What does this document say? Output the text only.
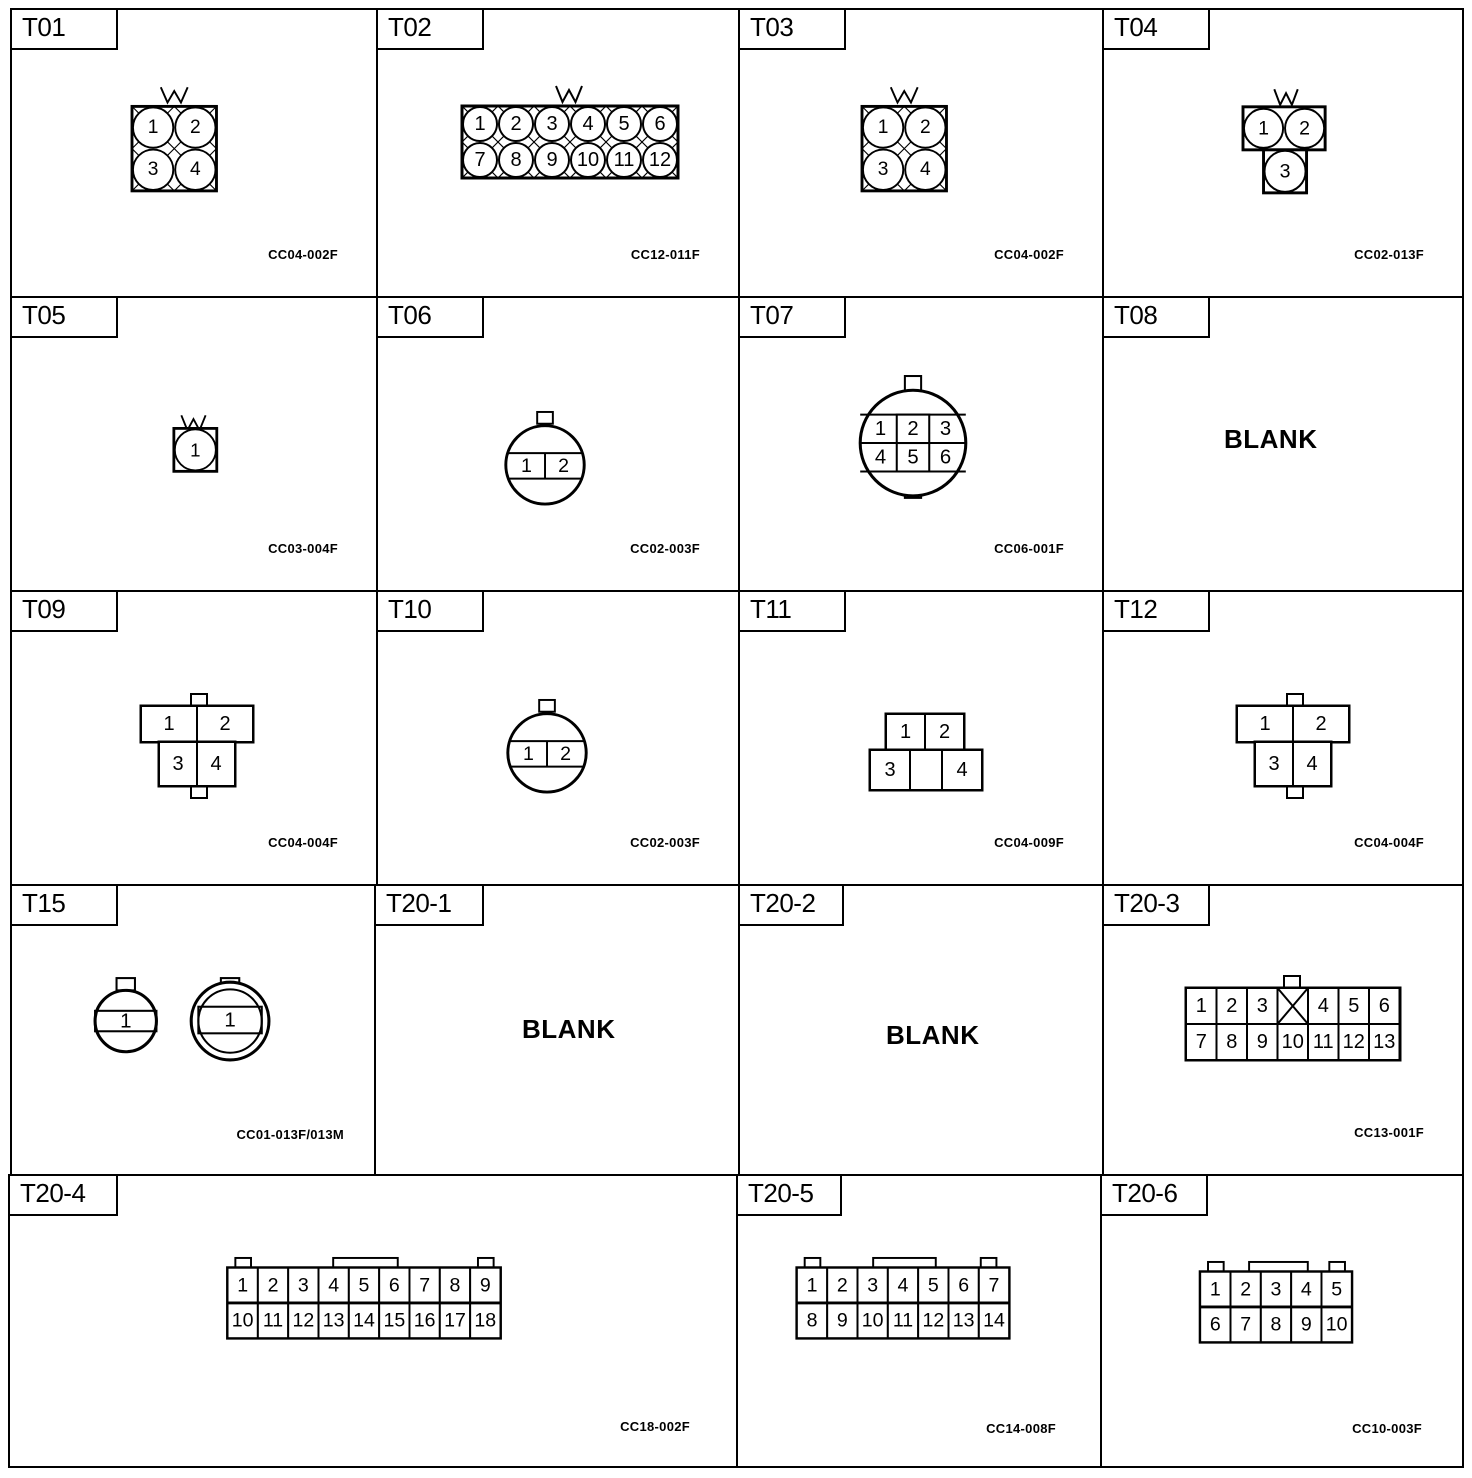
T01
CC04-002F
1 2
3 4
T02
CC12-011F
1 2 3 4 5 6
7 8 9 10 11 12
T03
CC04-002F
1 2
3 4
T04
CC02-013F
1 2
3
T05
CC03-004F
1
T06
CC02-003F
1 2
T07
CC06-001F
1 2 3
4 5 6
T08
BLANK
T09
CC04-004F
1 2
3 4
T10
CC02-003F
1 2
T11
CC04-009F
1 2
3	4
T12
CC04-004F
1 2
3 4
T15
CC01-013F/013M
1	1
T20-1
BLANK
T20-2
BLANK
T20-3
CC13-001F
1 2 3 4 5 6
7 8 9 10 11 12 13
T20-4
CC18-002F
1 2 3 4 5 6 7 8 9
10 11 12 13 14 15 16 17 18
T20-5
CC14-008F
1 2 3 4 5 6 7
8 9 10 11 12 13 14
T20-6
CC10-003F
1 2 3 4 5
6 7 8 9 10
